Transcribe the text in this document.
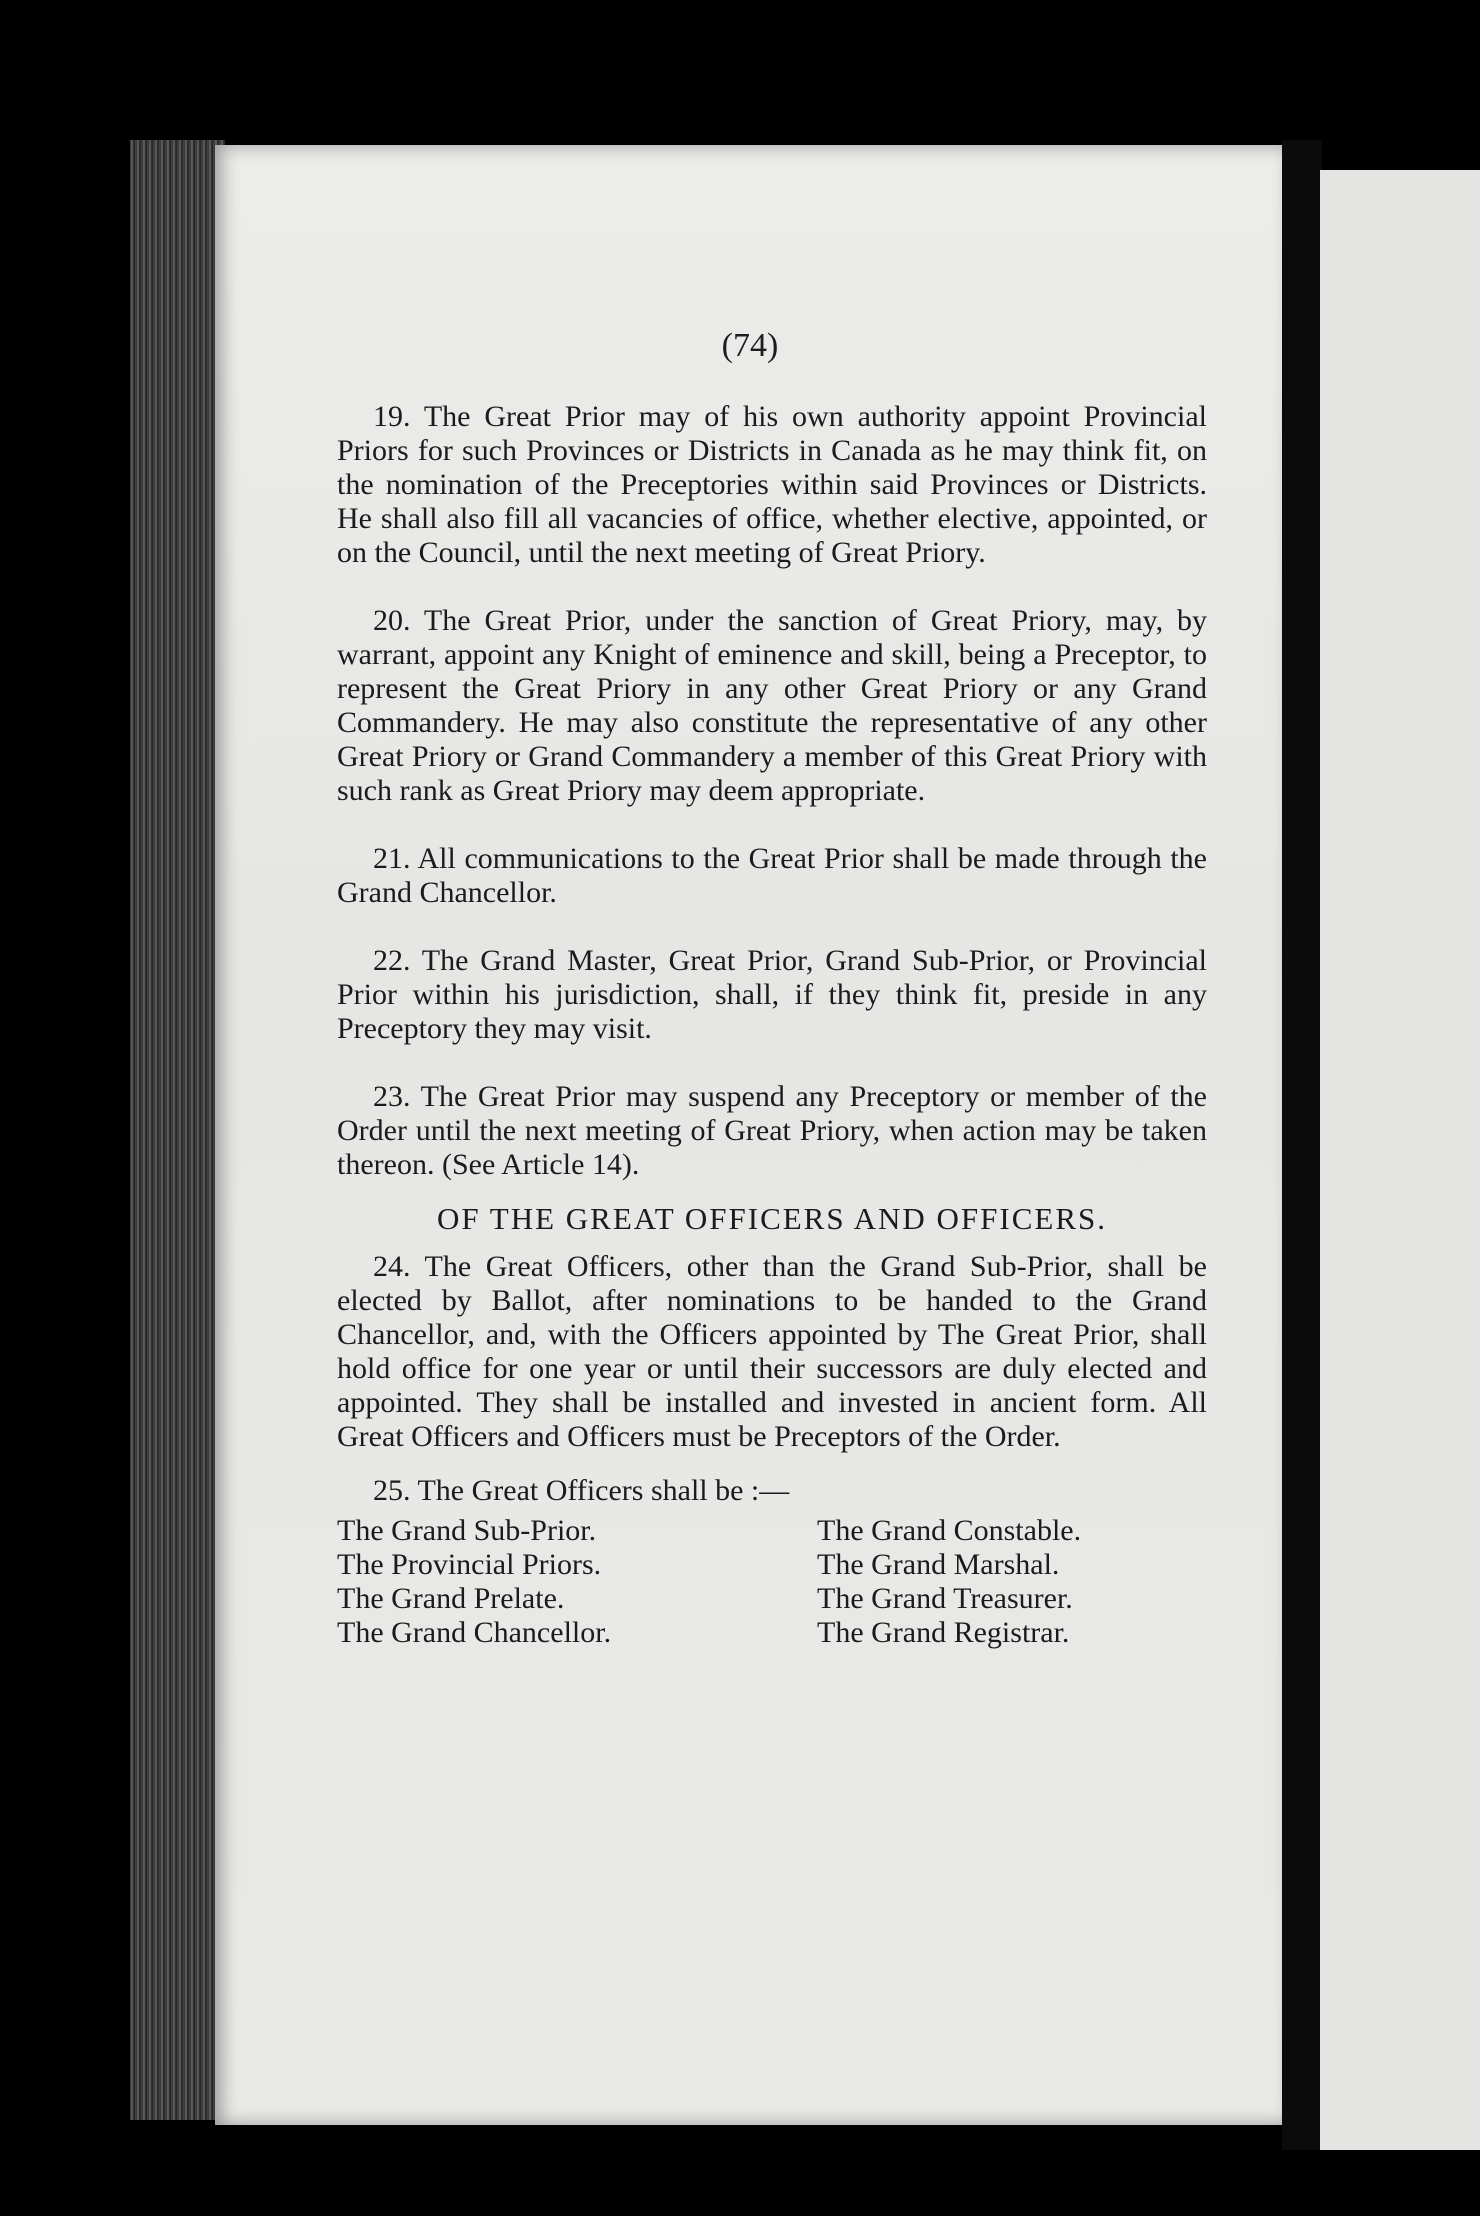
(74)

19. The Great Prior may of his own authority appoint Provincial Priors for such Provinces or Districts in Canada as he may think fit, on the nomination of the Preceptories within said Provinces or Districts. He shall also fill all vacancies of office, whether elective, appointed, or on the Council, until the next meeting of Great Priory.

20. The Great Prior, under the sanction of Great Priory, may, by warrant, appoint any Knight of eminence and skill, being a Preceptor, to represent the Great Priory in any other Great Priory or any Grand Commandery. He may also constitute the representative of any other Great Priory or Grand Commandery a member of this Great Priory with such rank as Great Priory may deem appropriate.

21. All communications to the Great Prior shall be made through the Grand Chancellor.

22. The Grand Master, Great Prior, Grand Sub-Prior, or Provincial Prior within his jurisdiction, shall, if they think fit, preside in any Preceptory they may visit.

23. The Great Prior may suspend any Preceptory or member of the Order until the next meeting of Great Priory, when action may be taken thereon. (See Article 14).

OF THE GREAT OFFICERS AND OFFICERS.

24. The Great Officers, other than the Grand Sub-Prior, shall be elected by Ballot, after nominations to be handed to the Grand Chancellor, and, with the Officers appointed by The Great Prior, shall hold office for one year or until their successors are duly elected and appointed. They shall be installed and invested in ancient form. All Great Officers and Officers must be Preceptors of the Order.

25. The Great Officers shall be :—

The Grand Sub-Prior.
The Provincial Priors.
The Grand Prelate.
The Grand Chancellor.
The Grand Constable.
The Grand Marshal.
The Grand Treasurer.
The Grand Registrar.
